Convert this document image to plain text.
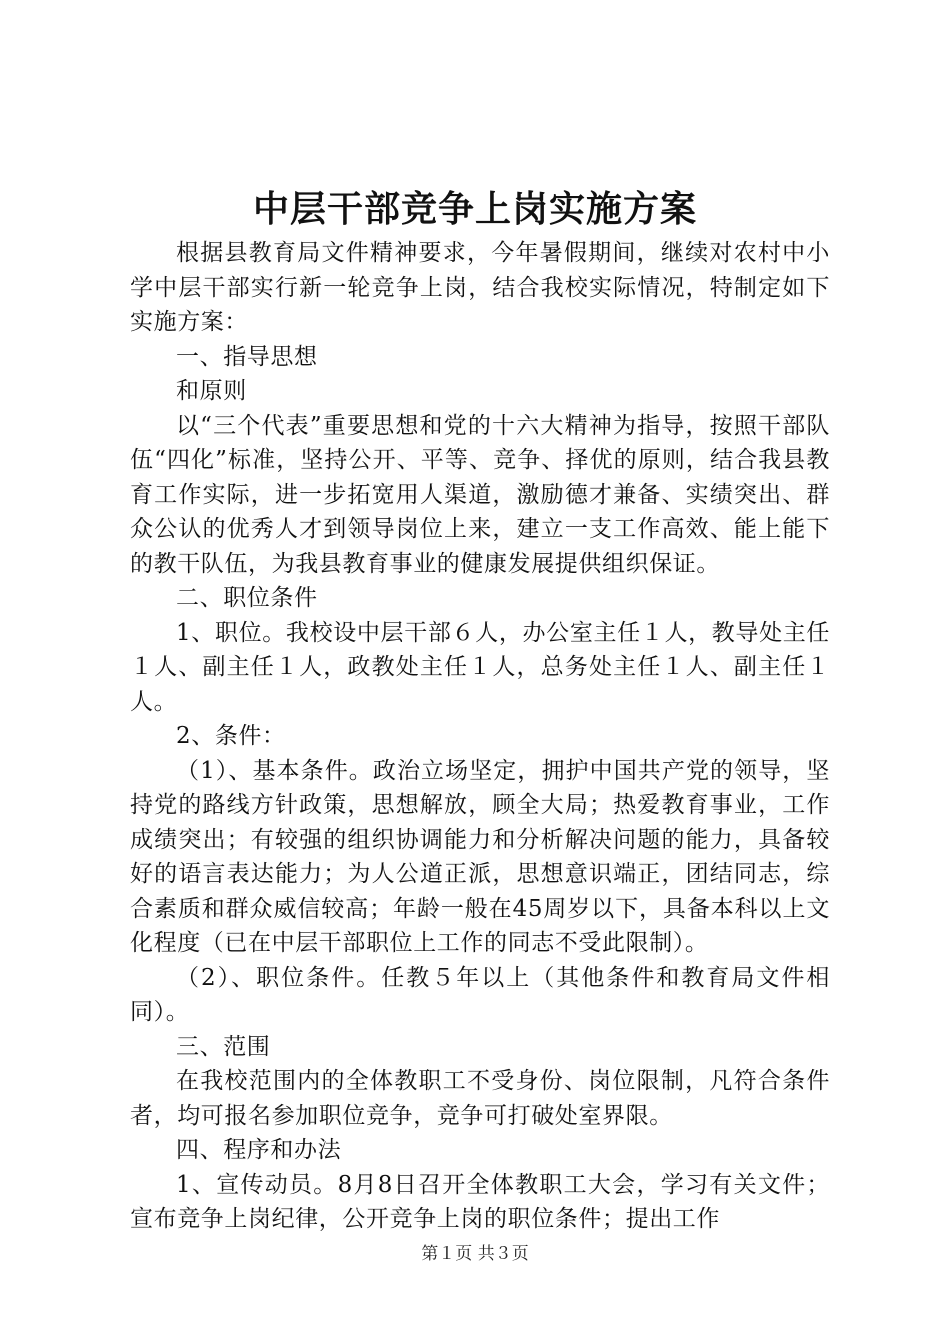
中层干部竞争上岗实施方案

根据县教育局文件精神要求，今年暑假期间，继续对农村中小学中层干部实行新一轮竞争上岗，结合我校实际情况，特制定如下实施方案：

一、指导思想

和原则

以“三个代表”重要思想和党的十六大精神为指导，按照干部队伍“四化”标准，坚持公开、平等、竞争、择优的原则，结合我县教育工作实际，进一步拓宽用人渠道，激励德才兼备、实绩突出、群众公认的优秀人才到领导岗位上来，建立一支工作高效、能上能下的教干队伍，为我县教育事业的健康发展提供组织保证。

二、职位条件

1、职位。我校设中层干部６人，办公室主任１人，教导处主任１人、副主任１人，政教处主任１人，总务处主任１人、副主任１人。

2、条件：

（1）、基本条件。政治立场坚定，拥护中国共产党的领导，坚持党的路线方针政策，思想解放，顾全大局；热爱教育事业，工作成绩突出；有较强的组织协调能力和分析解决问题的能力，具备较好的语言表达能力；为人公道正派，思想意识端正，团结同志，综合素质和群众威信较高；年龄一般在45周岁以下，具备本科以上文化程度（已在中层干部职位上工作的同志不受此限制）。

（2）、职位条件。任教５年以上（其他条件和教育局文件相同）。

三、范围

在我校范围内的全体教职工不受身份、岗位限制，凡符合条件者，均可报名参加职位竞争，竞争可打破处室界限。

四、程序和办法

1、宣传动员。8月8日召开全体教职工大会，学习有关文件；宣布竞争上岗纪律，公开竞争上岗的职位条件；提出工作

第１页 共３页
